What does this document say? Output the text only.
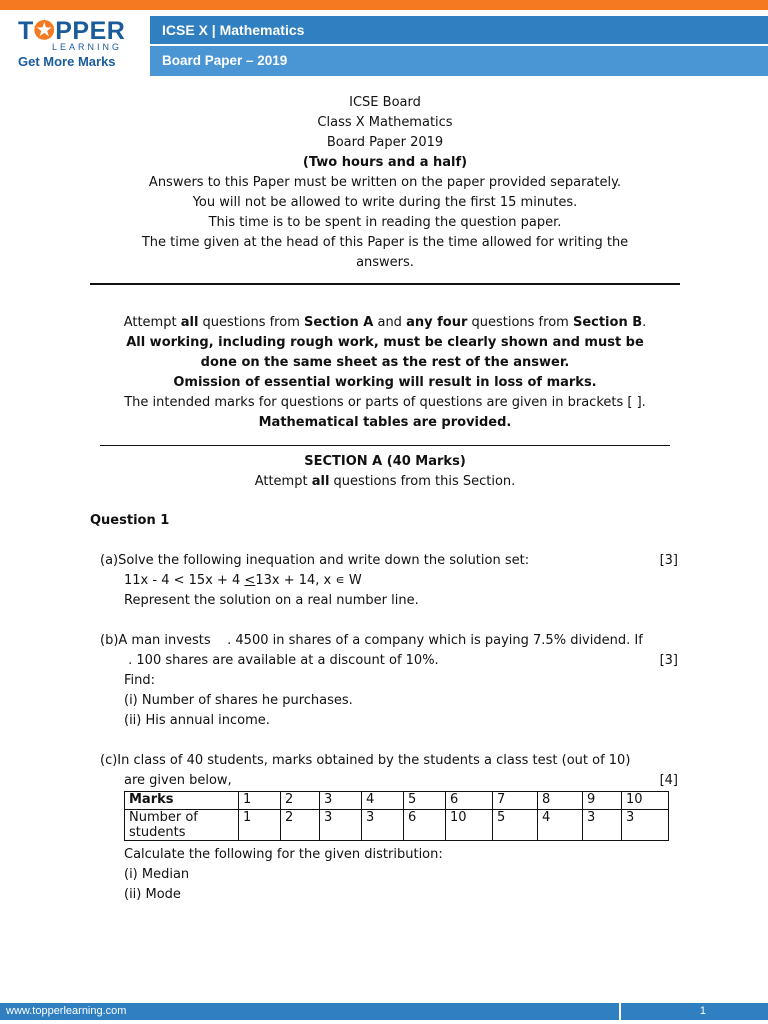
T✪PPER
LEARNING
Get More Marks
ICSE X | Mathematics
Board Paper – 2019
ICSE Board
Class X Mathematics
Board Paper 2019
(Two hours and a half)
Answers to this Paper must be written on the paper provided separately.
You will not be allowed to write during the first 15 minutes.
This time is to be spent in reading the question paper.
The time given at the head of this Paper is the time allowed for writing the
answers.
Attempt all questions from Section A and any four questions from Section B.
All working, including rough work, must be clearly shown and must be
done on the same sheet as the rest of the answer.
Omission of essential working will result in loss of marks.
The intended marks for questions or parts of questions are given in brackets [ ].
Mathematical tables are provided.
SECTION A (40 Marks)
Attempt all questions from this Section.
Question 1
(a)Solve the following inequation and write down the solution set:	[3]
11x - 4 < 15x + 4 <13x + 14, x ∊ W
Represent the solution on a real number line.
(b)A man invests    . 4500 in shares of a company which is paying 7.5% dividend. If
. 100 shares are available at a discount of 10%.	[3]
Find:
(i) Number of shares he purchases.
(ii) His annual income.
(c)In class of 40 students, marks obtained by the students a class test (out of 10)
are given below,	[4]
Marks	1	2	3	4	5	6	7	8	9	10

Number of
students	1	2	3	3	6	10	5	4	3	3
Calculate the following for the given distribution:
(i) Median
(ii) Mode
www.topperlearning.com	1
